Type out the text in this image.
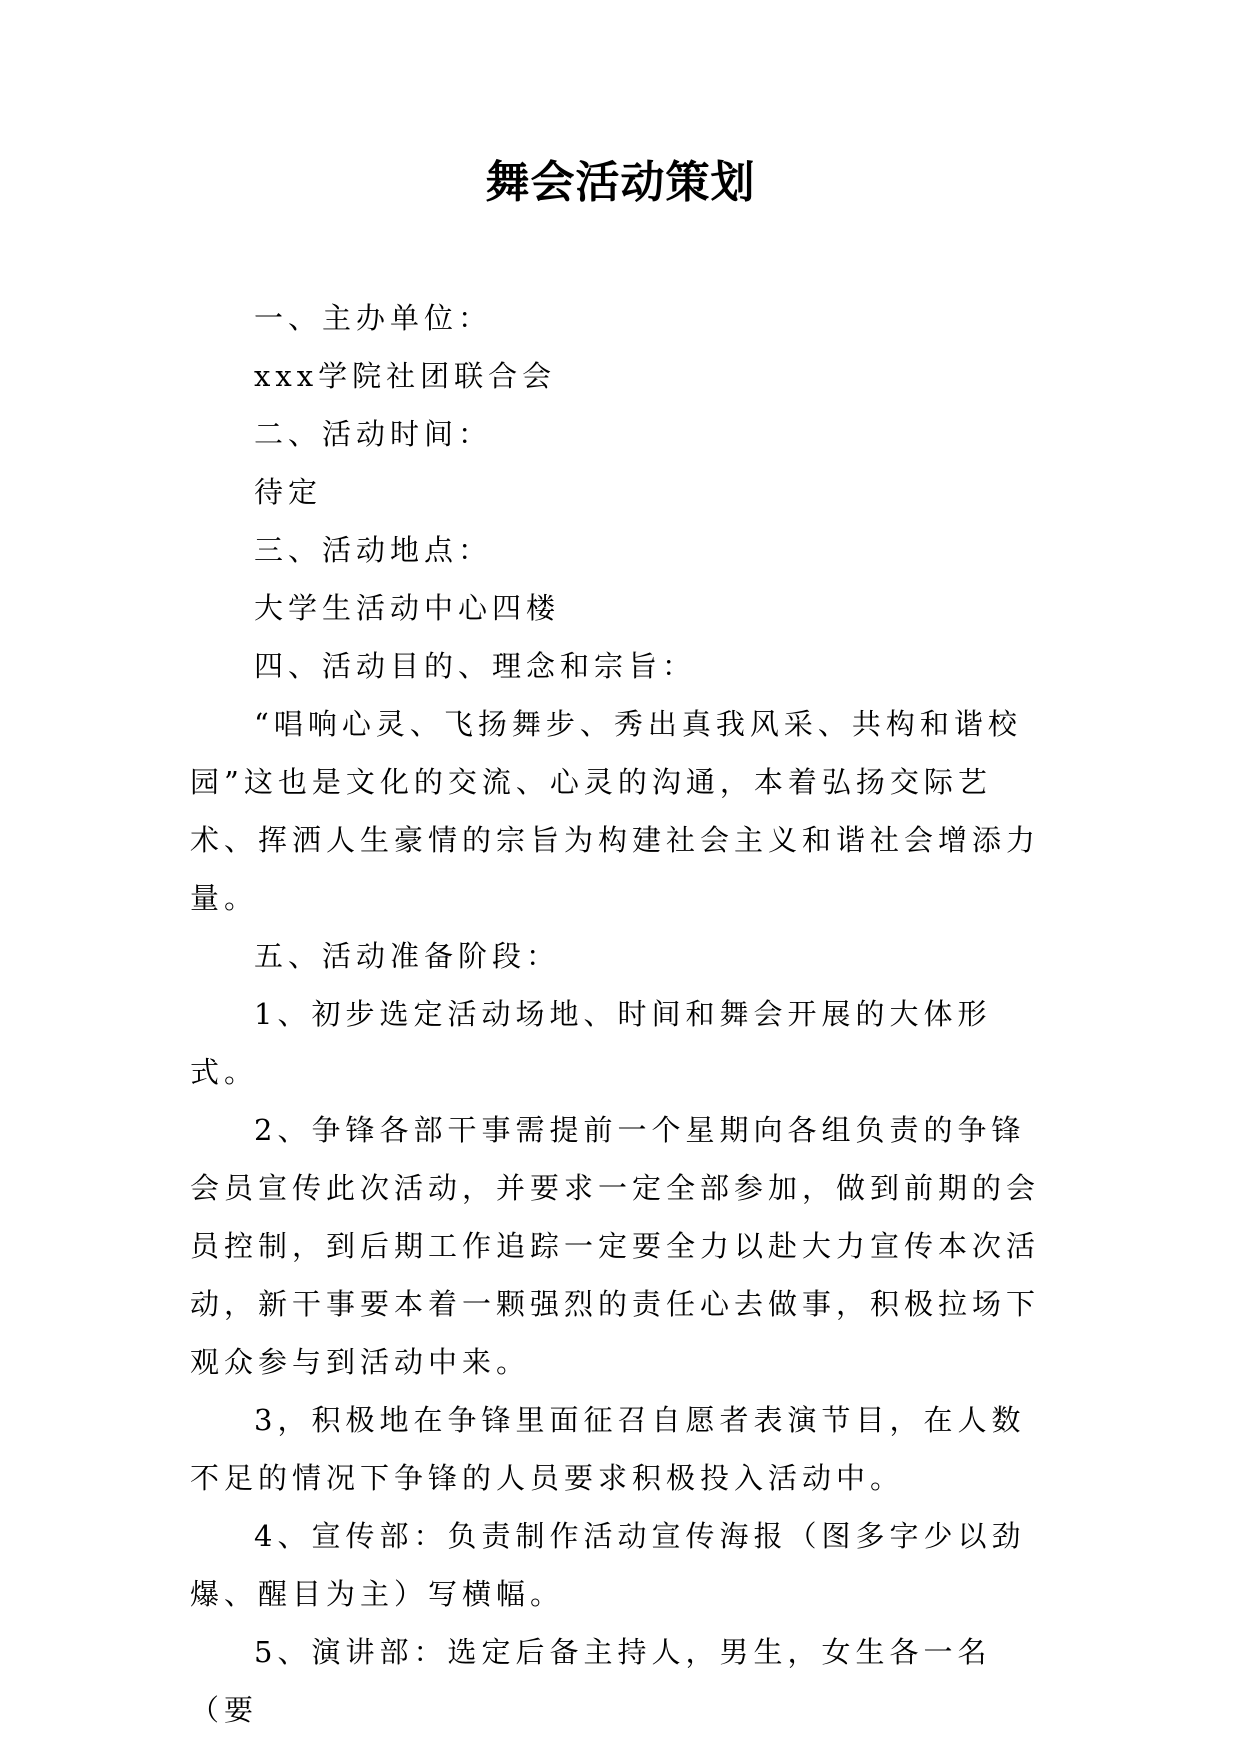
舞会活动策划

一、主办单位：

xxx学院社团联合会

二、活动时间：

待定

三、活动地点：

大学生活动中心四楼

四、活动目的、理念和宗旨：

“唱响心灵、飞扬舞步、秀出真我风采、共构和谐校园”这也是文化的交流、心灵的沟通，本着弘扬交际艺术、挥洒人生豪情的宗旨为构建社会主义和谐社会增添力量。

五、活动准备阶段：

1、初步选定活动场地、时间和舞会开展的大体形式。

2、争锋各部干事需提前一个星期向各组负责的争锋会员宣传此次活动，并要求一定全部参加，做到前期的会员控制，到后期工作追踪一定要全力以赴大力宣传本次活动，新干事要本着一颗强烈的责任心去做事，积极拉场下观众参与到活动中来。

3，积极地在争锋里面征召自愿者表演节目，在人数不足的情况下争锋的人员要求积极投入活动中。

4、宣传部：负责制作活动宣传海报（图多字少以劲爆、醒目为主）写横幅。

5、演讲部：选定后备主持人，男生，女生各一名（要
